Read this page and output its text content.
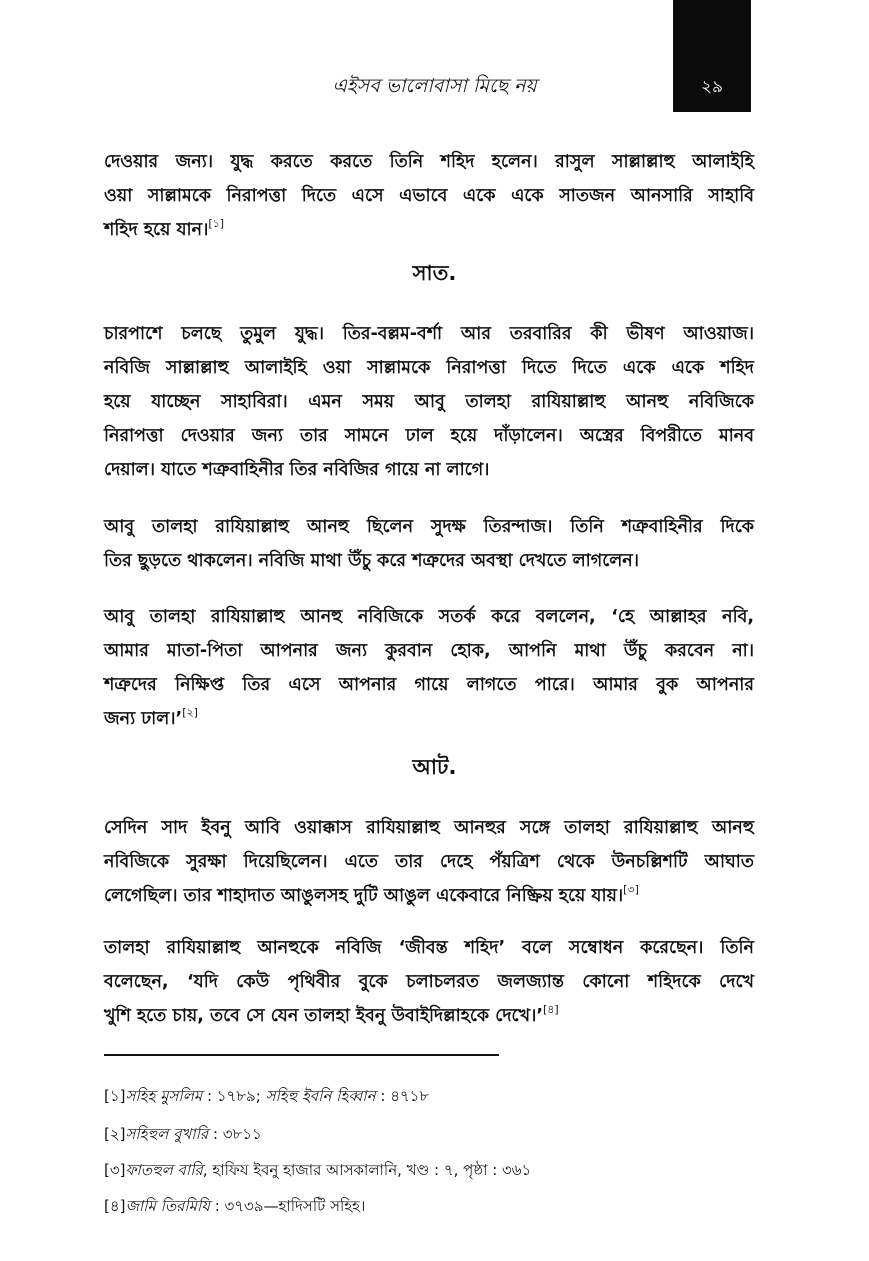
এইসব ভালোবাসা মিছে নয়	২৯

দেওয়ার জন্য। যুদ্ধ করতে করতে তিনি শহিদ হলেন। রাসুল সাল্লাল্লাহু আলাইহি
ওয়া সাল্লামকে নিরাপত্তা দিতে এসে এভাবে একে একে সাতজন আনসারি সাহাবি
শহিদ হয়ে যান।[১]

সাত.

চারপাশে চলছে তুমুল যুদ্ধ। তির-বল্লম-বর্শা আর তরবারির কী ভীষণ আওয়াজ।
নবিজি সাল্লাল্লাহু আলাইহি ওয়া সাল্লামকে নিরাপত্তা দিতে দিতে একে একে শহিদ
হয়ে যাচ্ছেন সাহাবিরা। এমন সময় আবু তালহা রাযিয়াল্লাহু আনহু নবিজিকে
নিরাপত্তা দেওয়ার জন্য তার সামনে ঢাল হয়ে দাঁড়ালেন। অস্ত্রের বিপরীতে মানব
দেয়াল। যাতে শত্রুবাহিনীর তির নবিজির গায়ে না লাগে।

আবু তালহা রাযিয়াল্লাহু আনহু ছিলেন সুদক্ষ তিরন্দাজ। তিনি শত্রুবাহিনীর দিকে
তির ছুড়তে থাকলেন। নবিজি মাথা উঁচু করে শত্রুদের অবস্থা দেখতে লাগলেন।

আবু তালহা রাযিয়াল্লাহু আনহু নবিজিকে সতর্ক করে বললেন, ‘হে আল্লাহর নবি,
আমার মাতা-পিতা আপনার জন্য কুরবান হোক, আপনি মাথা উঁচু করবেন না।
শত্রুদের নিক্ষিপ্ত তির এসে আপনার গায়ে লাগতে পারে। আমার বুক আপনার
জন্য ঢাল।’[২]

আট.

সেদিন সাদ ইবনু আবি ওয়াক্কাস রাযিয়াল্লাহু আনহুর সঙ্গে তালহা রাযিয়াল্লাহু আনহু
নবিজিকে সুরক্ষা দিয়েছিলেন। এতে তার দেহে পঁয়ত্রিশ থেকে উনচল্লিশটি আঘাত
লেগেছিল। তার শাহাদাত আঙুলসহ দুটি আঙুল একেবারে নিষ্ক্রিয় হয়ে যায়।[৩]

তালহা রাযিয়াল্লাহু আনহুকে নবিজি ‘জীবন্ত শহিদ’ বলে সম্বোধন করেছেন। তিনি
বলেছেন, ‘যদি কেউ পৃথিবীর বুকে চলাচলরত জলজ্যান্ত কোনো শহিদকে দেখে
খুশি হতে চায়, তবে সে যেন তালহা ইবনু উবাইদিল্লাহকে দেখে।’[৪]

[১]সহিহ মুসলিম : ১৭৮৯; সহিহু ইবনি হিব্বান : ৪৭১৮
[২]সহিহুল বুখারি : ৩৮১১
[৩]ফাতহুল বারি, হাফিয ইবনু হাজার আসকালানি, খণ্ড : ৭, পৃষ্ঠা : ৩৬১
[৪]জামি তিরমিযি : ৩৭৩৯—হাদিসটি সহিহ।
